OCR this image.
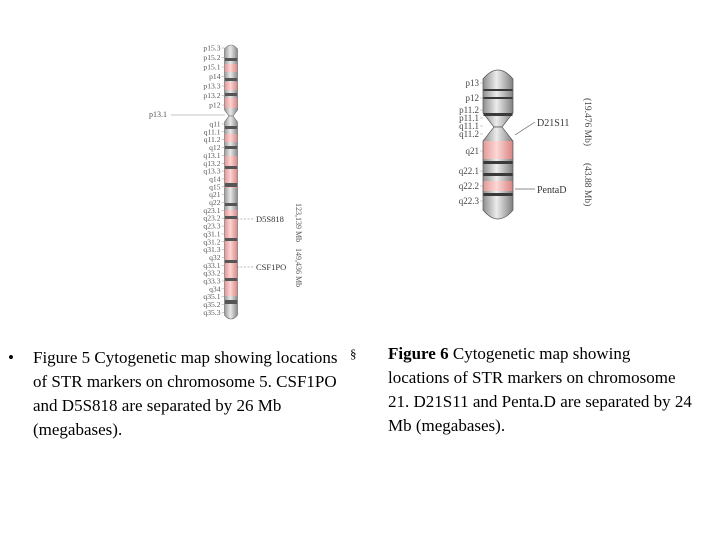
p15.3
p15.2
p15.1
p14
p13.3
p13.2
p12
q11
q11.1
q11.2
q12
q13.1
q13.2
q13.3
q14
q15
q21
q22
q23.1
q23.2
q23.3
q31.1
q31.2
q31.3
q32
q33.1
q33.2
q33.3
q34
q35.1
q35.2
q35.3
p13.1
D5S818
CSF1PO
123,139 Mb
149,436 Mb
p13
p12
p11.2
p11.1
q11.1
q11.2
q21
q22.1
q22.2
q22.3
D21S11
PentaD
(19.476 Mb)
(43.88 Mb)
• Figure 5 Cytogenetic map showing locations of STR markers on chromosome 5. CSF1PO and D5S818 are separated by 26 Mb (megabases).
§ Figure 6 Cytogenetic map showing locations of STR markers on chromosome 21. D21S11 and Penta.D are separated by 24 Mb (megabases).
